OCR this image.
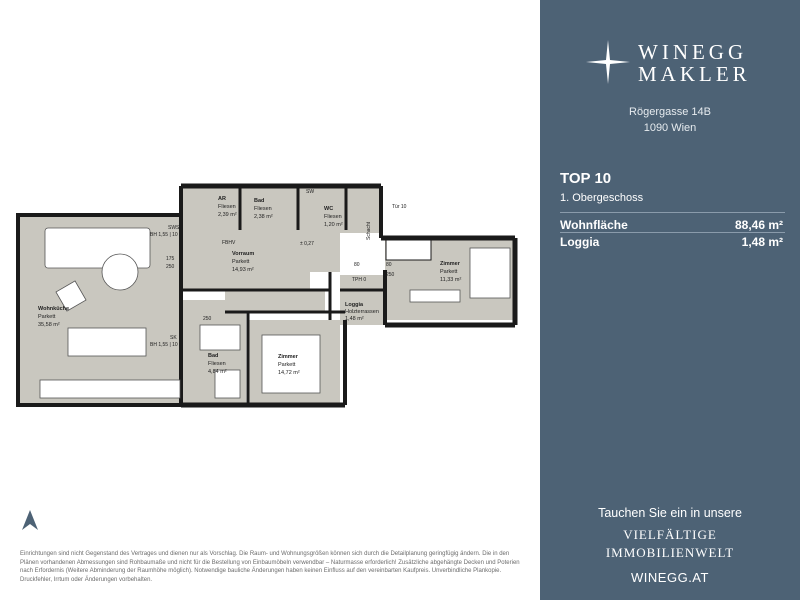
AR
Fliesen
2,39 m²
Bad
Fliesen
2,38 m²
WC
Fliesen
1,20 m²
Vorraum
Parkett
14,93 m²
Wohnküche
Parkett
35,58 m²
Zimmer
Parkett
11,33 m²
Loggia
Holzterrassen
1,48 m²
Bad
Fliesen
4,84 m²
Zimmer
Parkett
14,72 m²
Tür 10
Schacht
SW
FBHV	± 0,27
TPH 0
SWS
BH 1,55 | 10
SK
BH 1,55 | 10
175
250	80
250
80
250
Einrichtungen sind nicht Gegenstand des Vertrages und dienen nur als Vorschlag. Die Raum- und Wohnungsgrößen können sich durch die Detailplanung geringfügig ändern. Die in den Plänen vorhandenen Abmessungen sind Rohbaumaße und nicht für die Bestellung von Einbaumöbeln verwendbar – Naturmasse erforderlich! Zusätzliche abgehängte Decken und Poterien nach Erfordernis (Weitere Abminderung der Raumhöhe möglich). Notwendige bauliche Änderungen haben keinen Einfluss auf den vereinbarten Kaufpreis. Unverbindliche Plankopie. Druckfehler, Irrtum oder Änderungen vorbehalten.
WINEGG
MAKLER
Rögergasse 14B
1090 Wien
TOP 10
1. Obergeschoss
Wohnfläche	88,46 m²
Loggia	1,48 m²
Tauchen Sie ein in unsere
VIELFÄLTIGE
IMMOBILIENWELT
WINEGG.AT
